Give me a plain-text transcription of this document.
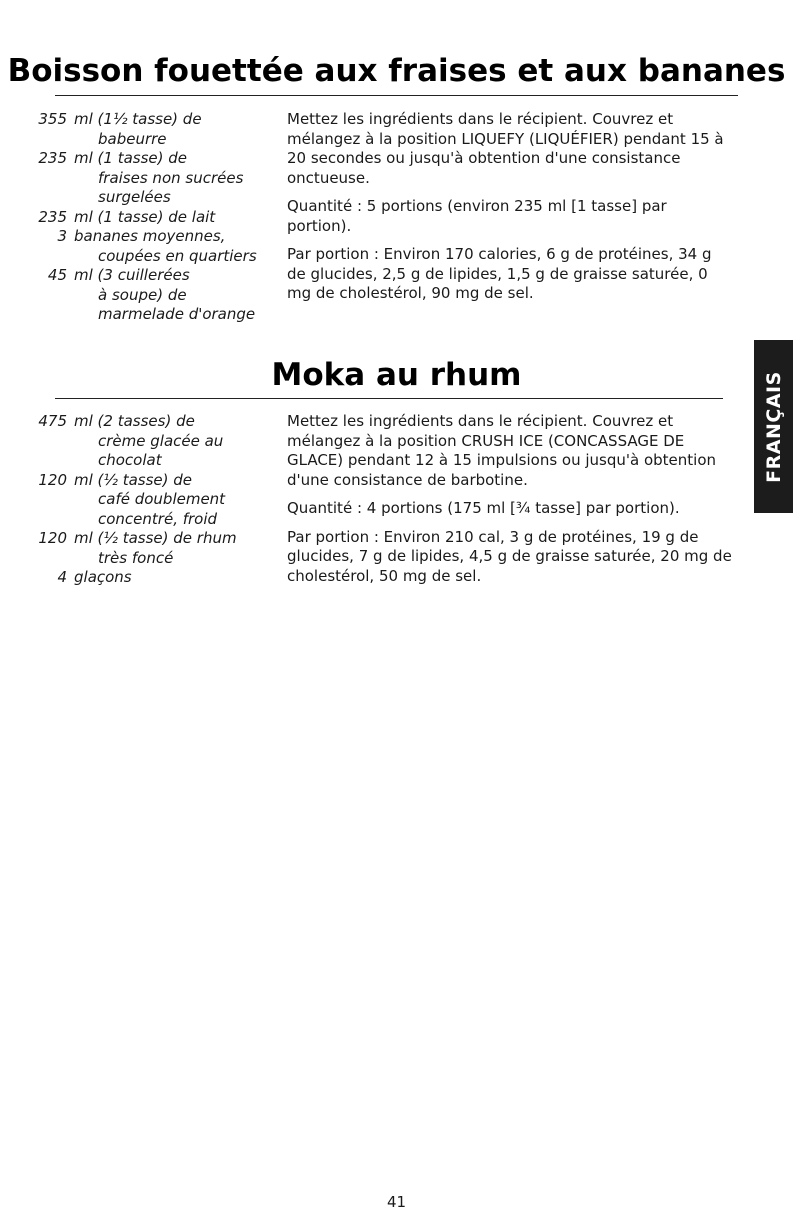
Boisson fouettée aux fraises et aux bananes
355 ml (1½ tasse) de
babeurre
235 ml (1 tasse) de
fraises non sucrées
surgelées
235 ml (1 tasse) de lait
3 bananes moyennes,
coupées en quartiers
45 ml (3 cuillerées
à soupe) de
marmelade d'orange

Mettez les ingrédients dans le récipient. Couvrez et mélangez à la position LIQUEFY (LIQUÉFIER) pendant 15 à 20 secondes ou jusqu'à obtention d'une consistance onctueuse.

Quantité : 5 portions (environ 235 ml [1 tasse] par portion).

Par portion : Environ 170 calories, 6 g de protéines, 34 g de glucides, 2,5 g de lipides, 1,5 g de graisse saturée, 0 mg de cholestérol, 90 mg de sel.

Moka au rhum
475 ml (2 tasses) de
crème glacée au
chocolat
120 ml (½ tasse) de
café doublement
concentré, froid
120 ml (½ tasse) de rhum
très foncé
4 glaçons

Mettez les ingrédients dans le récipient. Couvrez et mélangez à la position CRUSH ICE (CONCASSAGE DE GLACE) pendant 12 à 15 impulsions ou jusqu'à obtention d'une consistance de barbotine.

Quantité : 4 portions (175 ml [¾ tasse] par portion).

Par portion : Environ 210 cal, 3 g de protéines, 19 g de glucides, 7 g de lipides, 4,5 g de graisse saturée, 20 mg de cholestérol, 50 mg de sel.

FRANÇAIS
41
